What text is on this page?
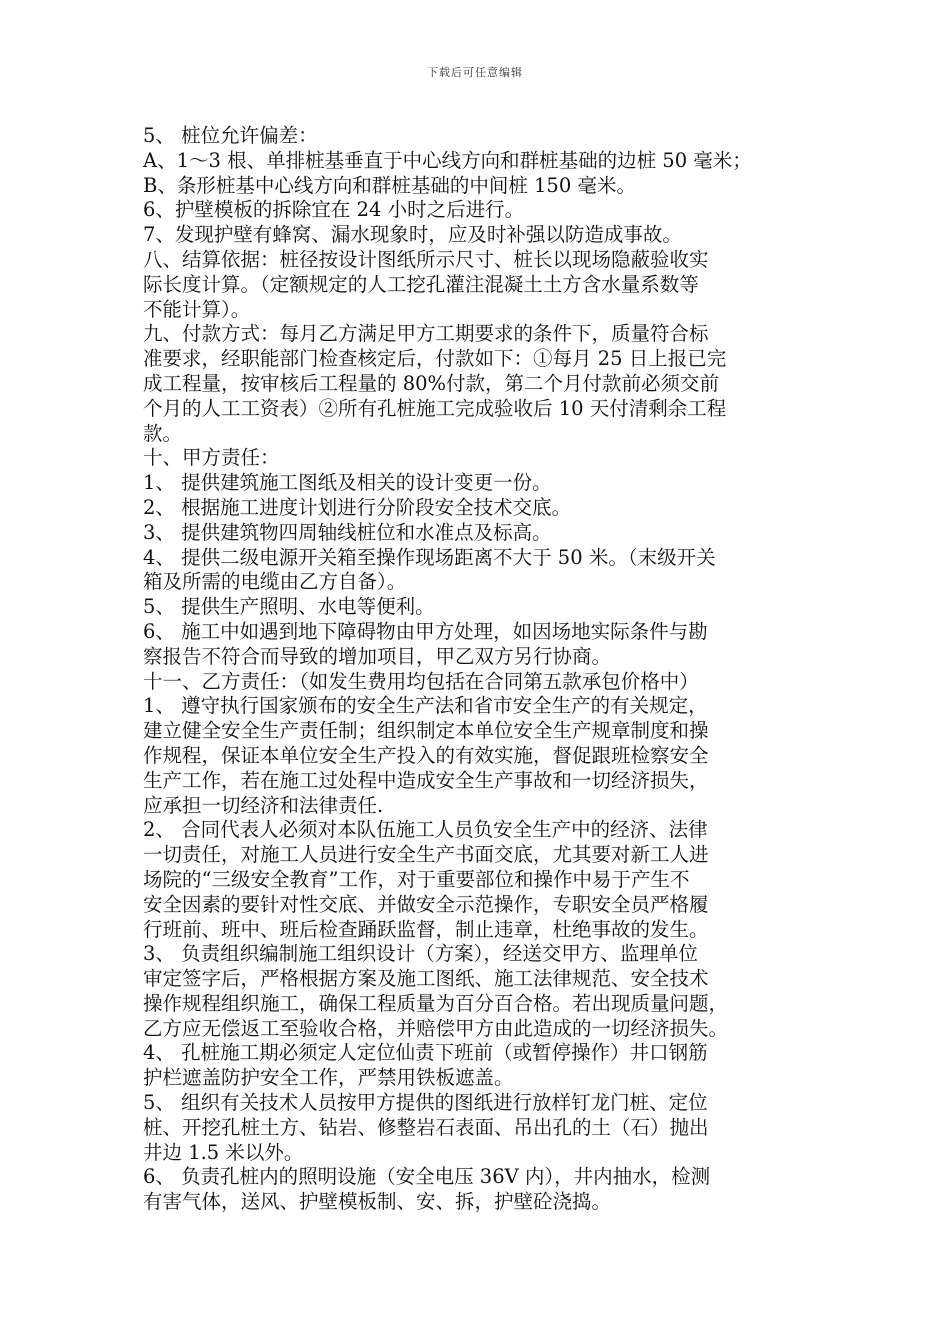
下载后可任意编辑
5、 桩位允许偏差：
A、1～3 根、单排桩基垂直于中心线方向和群桩基础的边桩 50 毫米；
B、条形桩基中心线方向和群桩基础的中间桩 150 毫米。
6、护壁模板的拆除宜在 24 小时之后进行。
7、发现护壁有蜂窝、漏水现象时，应及时补强以防造成事故。
八、结算依据：桩径按设计图纸所示尺寸、桩长以现场隐蔽验收实
际长度计算。（定额规定的人工挖孔灌注混凝土土方含水量系数等
不能计算）。
九、付款方式：每月乙方满足甲方工期要求的条件下，质量符合标
准要求，经职能部门检查核定后，付款如下：①每月 25 日上报已完
成工程量，按审核后工程量的 80%付款，第二个月付款前必须交前
个月的人工工资表）②所有孔桩施工完成验收后 10 天付清剩余工程
款。
十、甲方责任：
1、 提供建筑施工图纸及相关的设计变更一份。
2、 根据施工进度计划进行分阶段安全技术交底。
3、 提供建筑物四周轴线桩位和水准点及标高。
4、 提供二级电源开关箱至操作现场距离不大于 50 米。（末级开关
箱及所需的电缆由乙方自备）。
5、 提供生产照明、水电等便利。
6、 施工中如遇到地下障碍物由甲方处理，如因场地实际条件与勘
察报告不符合而导致的增加项目，甲乙双方另行协商。
十一、乙方责任：（如发生费用均包括在合同第五款承包价格中）
1、 遵守执行国家颁布的安全生产法和省市安全生产的有关规定，
建立健全安全生产责任制；组织制定本单位安全生产规章制度和操
作规程，保证本单位安全生产投入的有效实施，督促跟班检察安全
生产工作，若在施工过处程中造成安全生产事故和一切经济损失，
应承担一切经济和法律责任.
2、 合同代表人必须对本队伍施工人员负安全生产中的经济、法律
一切责任，对施工人员进行安全生产书面交底，尤其要对新工人进
场院的“三级安全教育”工作，对于重要部位和操作中易于产生不
安全因素的要针对性交底、并做安全示范操作，专职安全员严格履
行班前、班中、班后检查踊跃监督，制止违章，杜绝事故的发生。
3、 负责组织编制施工组织设计（方案），经送交甲方、监理单位
审定签字后，严格根据方案及施工图纸、施工法律规范、安全技术
操作规程组织施工，确保工程质量为百分百合格。若出现质量问题，
乙方应无偿返工至验收合格，并赔偿甲方由此造成的一切经济损失。
4、 孔桩施工期必须定人定位仙责下班前（或暂停操作）井口钢筋
护栏遮盖防护安全工作，严禁用铁板遮盖。
5、 组织有关技术人员按甲方提供的图纸进行放样钉龙门桩、定位
桩、开挖孔桩土方、钻岩、修整岩石表面、吊出孔的土（石）抛出
井边 1.5 米以外。
6、 负责孔桩内的照明设施（安全电压 36V 内），井内抽水，检测
有害气体，送风、护壁模板制、安、拆，护壁砼浇捣。
